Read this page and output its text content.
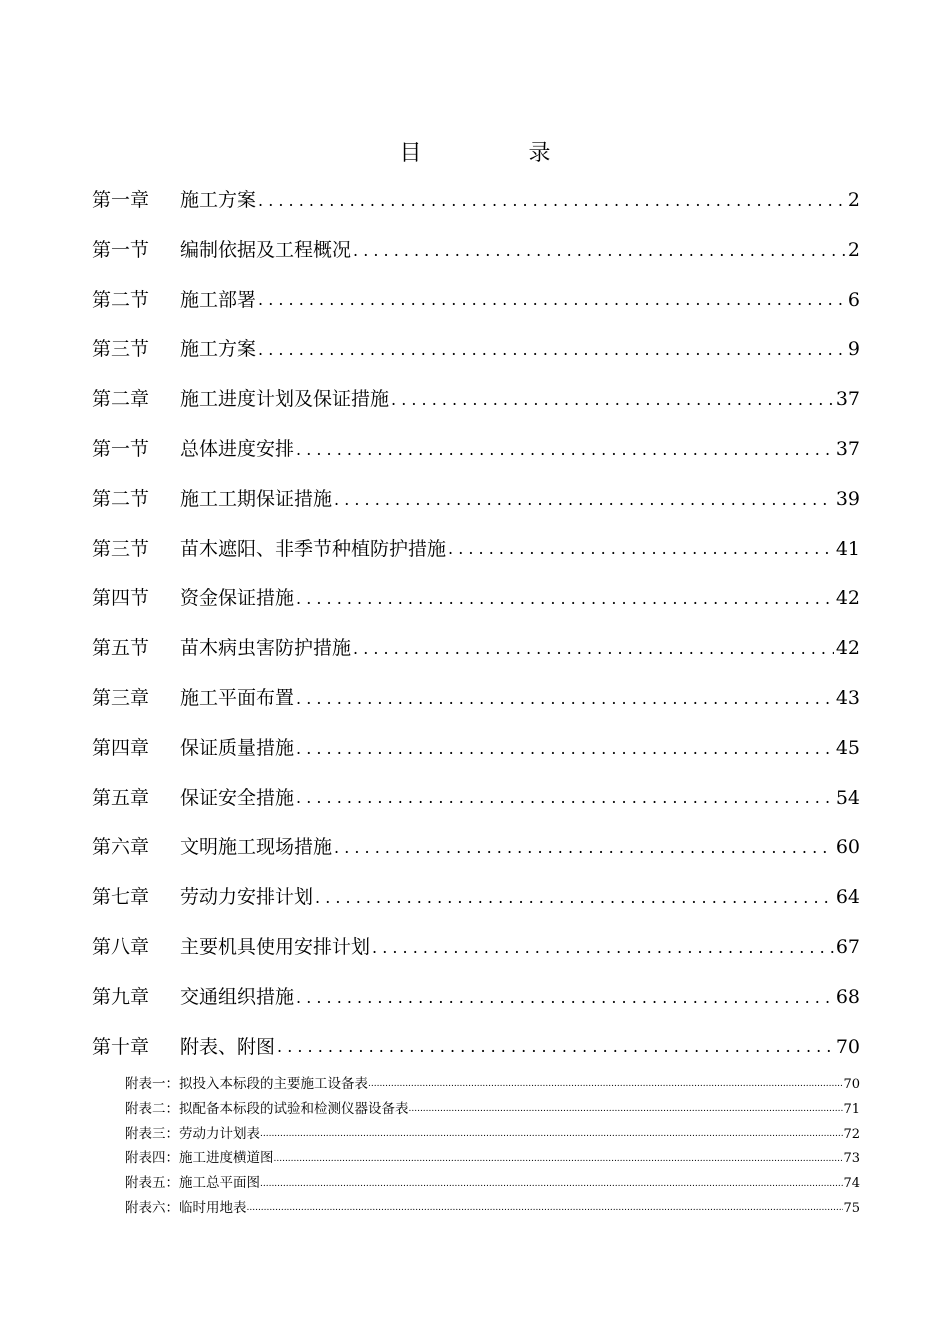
目 录
第一章	施工方案 . . .	2
第一节	编制依据及工程概况 . . .	2
第二节	施工部署 . . .	6
第三节	施工方案 . . .	9
第二章	施工进度计划及保证措施 . . .	37
第一节	总体进度安排 . . .	37
第二节	施工工期保证措施 . . .	39
第三节	苗木遮阳、非季节种植防护措施 . . .	41
第四节	资金保证措施 . . .	42
第五节	苗木病虫害防护措施 . . .	42
第三章	施工平面布置 . . .	43
第四章	保证质量措施 . . .	45
第五章	保证安全措施 . . .	54
第六章	文明施工现场措施 . . .	60
第七章	劳动力安排计划 . . .	64
第八章	主要机具使用安排计划 . . .	67
第九章	交通组织措施 . . .	68
第十章	附表、附图 . . .	70
附表一：拟投入本标段的主要施工设备表 .....	70
附表二：拟配备本标段的试验和检测仪器设备表 .....	71
附表三：劳动力计划表 .....	72
附表四：施工进度横道图 .....	73
附表五：施工总平面图 .....	74
附表六：临时用地表 .....	75
